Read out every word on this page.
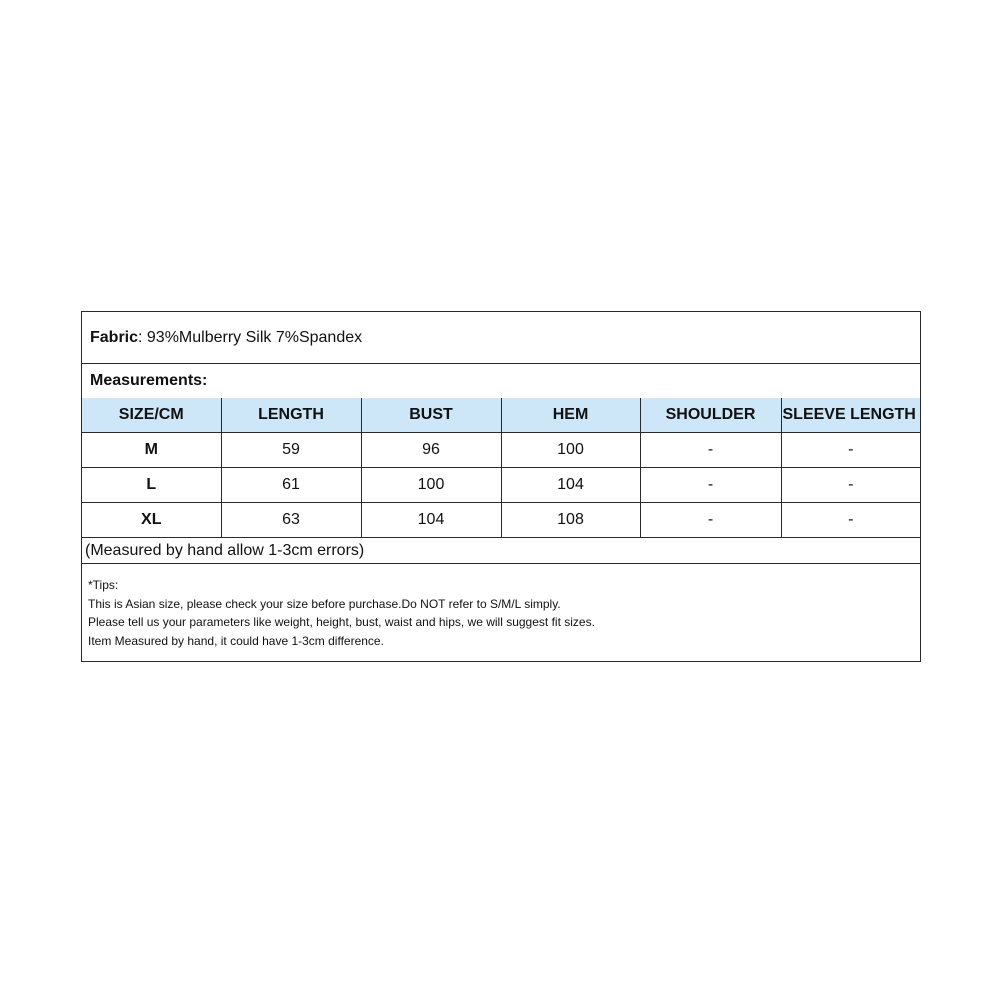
Fabric : 93%Mulberry Silk 7%Spandex
Measurements:
SIZE/CM	LENGTH	BUST	HEM	SHOULDER	SLEEVE LENGTH
M	59	96	100	-	-
L	61	100	104	-	-
XL	63	104	108	-	-
(Measured by hand allow 1-3cm errors)
*Tips:
This is Asian size, please check your size before purchase.Do NOT refer to S/M/L simply.
Please tell us your parameters like weight, height, bust, waist and hips, we will suggest fit sizes.
Item Measured by hand, it could have 1-3cm difference.
